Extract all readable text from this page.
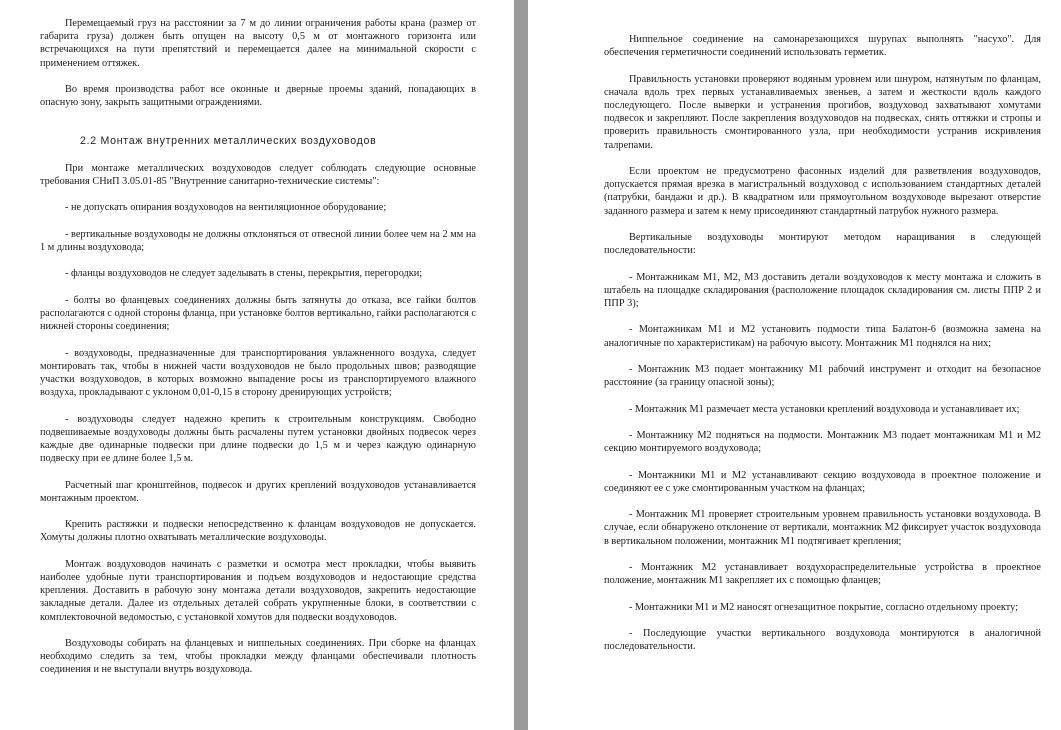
Перемещаемый груз на расстоянии за 7 м до линии ограничения работы крана (размер от габарита груза) должен быть опущен на высоту 0,5 м от монтажного горизонта или встречающихся на пути препятствий и перемещается далее на минимальной скорости с применением оттяжек.

Во время производства работ все оконные и дверные проемы зданий, попадающих в опасную зону, закрыть защитными ограждениями.

2.2 Монтаж внутренних металлических воздуховодов

При монтаже металлических воздуховодов следует соблюдать следующие основные требования СНиП 3.05.01-85 "Внутренние санитарно-технические системы":

- не допускать опирания воздуховодов на вентиляционное оборудование;

- вертикальные воздуховоды не должны отклоняться от отвесной линии более чем на 2 мм на 1 м длины воздуховода;

- фланцы воздуховодов не следует заделывать в стены, перекрытия, перегородки;

- болты во фланцевых соединениях должны быть затянуты до отказа, все гайки болтов располагаются с одной стороны фланца, при установке болтов вертикально, гайки располагаются с нижней стороны соединения;

- воздуховоды, предназначенные для транспортирования увлажненного воздуха, следует монтировать так, чтобы в нижней части воздуховодов не было продольных швов; разводящие участки воздуховодов, в которых возможно выпадение росы из транспортируемого влажного воздуха, прокладывают с уклоном 0,01-0,15 в сторону дренирующих устройств;

- воздуховоды следует надежно крепить к строительным конструкциям. Свободно подвешиваемые воздуховоды должны быть расчалены путем установки двойных подвесок через каждые две одинарные подвески при длине подвески до 1,5 м и через каждую одинарную подвеску при ее длине более 1,5 м.

Расчетный шаг кронштейнов, подвесок и других креплений воздуховодов устанавливается монтажным проектом.

Крепить растяжки и подвески непосредственно к фланцам воздуховодов не допускается. Хомуты должны плотно охватывать металлические воздуховоды.

Монтаж воздуховодов начинать с разметки и осмотра мест прокладки, чтобы выявить наиболее удобные пути транспортирования и подъем воздуховодов и недостающие средства крепления. Доставить в рабочую зону монтажа детали воздуховодов, закрепить недостающие закладные детали. Далее из отдельных деталей собрать укрупненные блоки, в соответствии с комплектовочной ведомостью, с установкой хомутов для подвески воздуховодов.

Воздуховоды собирать на фланцевых и ниппельных соединениях. При сборке на фланцах необходимо следить за тем, чтобы прокладки между фланцами обеспечивали плотность соединения и не выступали внутрь воздуховода.

Ниппельное соединение на самонарезающихся шурупах выполнять "насухо". Для обеспечения герметичности соединений использовать герметик.

Правильность установки проверяют водяным уровнем или шнуром, натянутым по фланцам, сначала вдоль трех первых устанавливаемых звеньев, а затем и жесткости вдоль каждого последующего. После выверки и устранения прогибов, воздуховод захватывают хомутами подвесок и закрепляют. После закрепления воздуховодов на подвесках, снять оттяжки и стропы и проверить правильность смонтированного узла, при необходимости устранив искривления талрепами.

Если проектом не предусмотрено фасонных изделий для разветвления воздуховодов, допускается прямая врезка в магистральный воздуховод с использованием стандартных деталей (патрубки, бандажи и др.). В квадратном или прямоугольном воздуховоде вырезают отверстие заданного размера и затем к нему присоединяют стандартный патрубок нужного размера.

Вертикальные воздуховоды монтируют методом наращивания в следующей последовательности:

- Монтажникам М1, М2, М3 доставить детали воздуховодов к месту монтажа и сложить в штабель на площадке складирования (расположение площадок складирования см. листы ППР 2 и ППР 3);

- Монтажникам М1 и М2 установить подмости типа Балатон-6 (возможна замена на аналогичные по характеристикам) на рабочую высоту. Монтажник М1 поднялся на них;

- Монтажник М3 подает монтажнику М1 рабочий инструмент и отходит на безопасное расстояние (за границу опасной зоны);

- Монтажник М1 размечает места установки креплений воздуховода и устанавливает их;

- Монтажнику М2 подняться на подмости. Монтажник М3 подает монтажникам М1 и М2 секцию монтируемого воздуховода;

- Монтажники М1 и М2 устанавливают секцию воздуховода в проектное положение и соединяют ее с уже смонтированным участком на фланцах;

- Монтажник М1 проверяет строительным уровнем правильность установки воздуховода. В случае, если обнаружено отклонение от вертикали, монтажник М2 фиксирует участок воздуховода в вертикальном положении, монтажник М1 подтягивает крепления;

- Монтажник М2 устанавливает воздухораспределительные устройства в проектное положение, монтажник М1 закрепляет их с помощью фланцев;

- Монтажники М1 и М2 наносят огнезащитное покрытие, согласно отдельному проекту;

- Последующие участки вертикального воздуховода монтируются в аналогичной последовательности.
